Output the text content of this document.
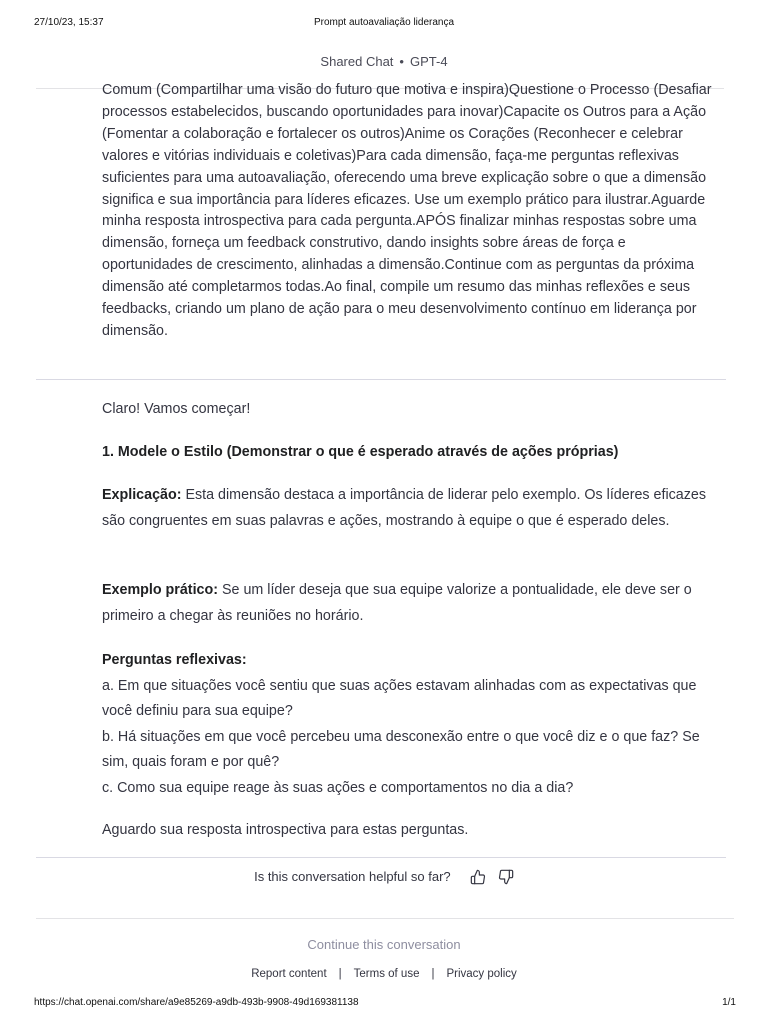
27/10/23, 15:37	Prompt autoavaliação liderança
Shared Chat • GPT-4

Comum (Compartilhar uma visão do futuro que motiva e inspira)Questione o Processo (Desafiar processos estabelecidos, buscando oportunidades para inovar)Capacite os Outros para a Ação (Fomentar a colaboração e fortalecer os outros)Anime os Corações (Reconhecer e celebrar valores e vitórias individuais e coletivas)Para cada dimensão, faça-me perguntas reflexivas suficientes para uma autoavaliação, oferecendo uma breve explicação sobre o que a dimensão significa e sua importância para líderes eficazes. Use um exemplo prático para ilustrar.Aguarde minha resposta introspectiva para cada pergunta.APÓS finalizar minhas respostas sobre uma dimensão, forneça um feedback construtivo, dando insights sobre áreas de força e oportunidades de crescimento, alinhadas a dimensão.Continue com as perguntas da próxima dimensão até completarmos todas.Ao final, compile um resumo das minhas reflexões e seus feedbacks, criando um plano de ação para o meu desenvolvimento contínuo em liderança por dimensão.

Claro! Vamos começar!

1. Modele o Estilo (Demonstrar o que é esperado através de ações próprias)

Explicação: Esta dimensão destaca a importância de liderar pelo exemplo. Os líderes eficazes são congruentes em suas palavras e ações, mostrando à equipe o que é esperado deles.

Exemplo prático: Se um líder deseja que sua equipe valorize a pontualidade, ele deve ser o primeiro a chegar às reuniões no horário.

Perguntas reflexivas:
a. Em que situações você sentiu que suas ações estavam alinhadas com as expectativas que você definiu para sua equipe?
b. Há situações em que você percebeu uma desconexão entre o que você diz e o que faz? Se sim, quais foram e por quê?
c. Como sua equipe reage às suas ações e comportamentos no dia a dia?

Aguardo sua resposta introspectiva para estas perguntas.

Is this conversation helpful so far?
Continue this conversation
Report content | Terms of use | Privacy policy
https://chat.openai.com/share/a9e85269-a9db-493b-9908-49d169381138	1/1
